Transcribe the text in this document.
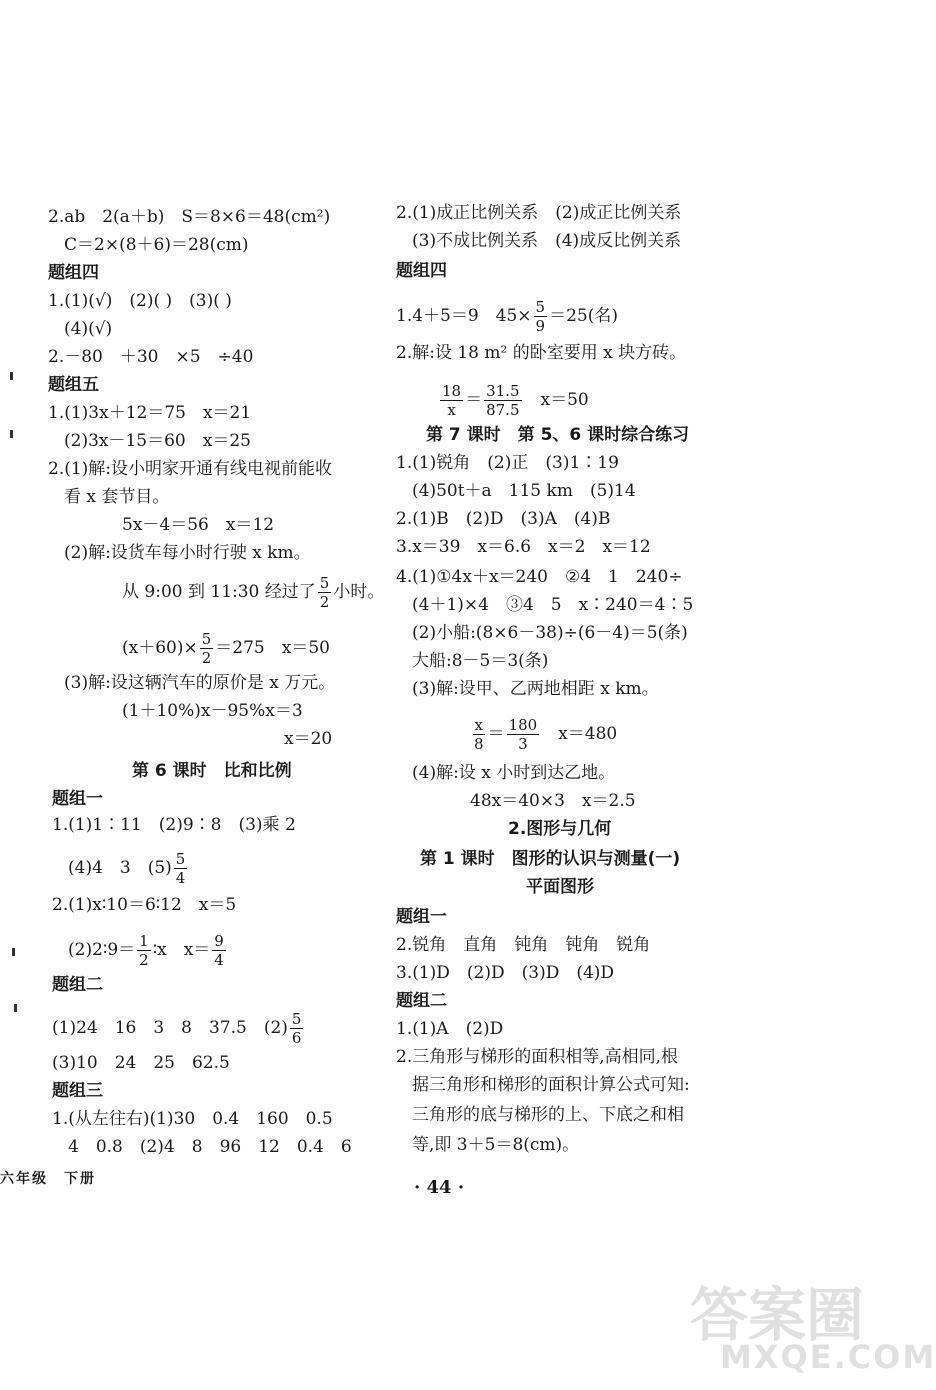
2.ab　2(a＋b)　S＝8×6＝48(cm²)
C＝2×(8＋6)＝28(cm)
题组四
1.(1)(√)　(2)( )　(3)( )
(4)(√)
2.－80　＋30　×5　÷40
题组五
1.(1)3x＋12＝75　x＝21
(2)3x－15＝60　x＝25
2.(1)解:设小明家开通有线电视前能收
看 x 套节目。
5x－4＝56　x＝12
(2)解:设货车每小时行驶 x km。
从 9:00 到 11:30 经过了 $\frac{5}{2}$ 小时。
$(x+60)\times \frac{5}{2} =275$　x＝50
(3)解:设这辆汽车的原价是 x 万元。
(1＋10%)x－95%x＝3
x＝20
第 6 课时　比和比例
题组一
1.(1)1∶11　(2)9∶8　(3)乘 2
(4)4　3　$(5) \frac{5}{4}$
2.(1)x∶10＝6∶12　x＝5
(2)2∶9＝ $\frac{1}{2}$ ∶x　$x= \frac{9}{4}$
题组二
(1)24　16　3　8　37.5　$(2) \frac{5}{6}$
(3)10　24　25　62.5
题组三
1.(从左往右)(1)30　0.4　160　0.5
4　0.8　(2)4　8　96　12　0.4　6
2.(1)成正比例关系　(2)成正比例关系
(3)不成比例关系　(4)成反比例关系
题组四
1.4＋5＝9　$45\times \frac{5}{9} =25$(名)
2.解:设 18 m² 的卧室要用 x 块方砖。
$\frac{18}{x} = \frac{31.5}{87.5}$ 　x＝50
第 7 课时　第 5、6 课时综合练习
1.(1)锐角　(2)正　(3)1∶19
(4)50t＋a　115 km　(5)14
2.(1)B　(2)D　(3)A　(4)B
3.x＝39　x＝6.6　x＝2　x＝12
4.(1)①4x＋x＝240　②4　1　240÷
(4＋1)×4　③4　5　x∶240＝4∶5
(2)小船:(8×6－38)÷(6－4)＝5(条)
大船:8－5＝3(条)
(3)解:设甲、乙两地相距 x km。
$\frac{x}{8} = \frac{180}{3}$ 　x＝480
(4)解:设 x 小时到达乙地。
48x＝40×3　x＝2.5
2.图形与几何
第 1 课时　图形的认识与测量(一)
平面图形
题组一
2.锐角　直角　钝角　钝角　锐角
3.(1)D　(2)D　(3)D　(4)D
题组二
1.(1)A　(2)D
2.三角形与梯形的面积相等,高相同,根
据三角形和梯形的面积计算公式可知:
三角形的底与梯形的上、下底之和相
等,即 3＋5＝8(cm)。
六年级　下册	· 44 ·
答案圈
MXQE.COM
